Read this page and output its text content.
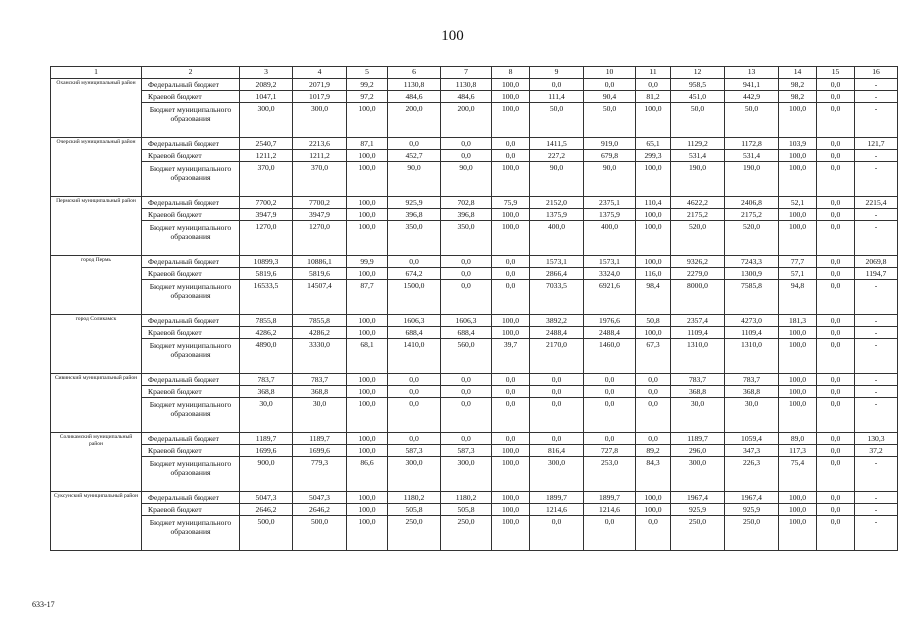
100
1	2	3	4	5	6	7	8	9	10	11	12	13	14	15	16
Оханский муниципальный район	Федеральный бюджет	2089,2	2071,9	99,2	1130,8	1130,8	100,0	0,0	0,0	0,0	958,5	941,1	98,2	0,0	-
	Краевой бюджет	1047,1	1017,9	97,2	484,6	484,6	100,0	111,4	90,4	81,2	451,0	442,9	98,2	0,0	-
	Бюджет муниципального образования	300,0	300,0	100,0	200,0	200,0	100,0	50,0	50,0	100,0	50,0	50,0	100,0	0,0	-
Очерский муниципальный район	Федеральный бюджет	2540,7	2213,6	87,1	0,0	0,0	0,0	1411,5	919,0	65,1	1129,2	1172,8	103,9	0,0	121,7
	Краевой бюджет	1211,2	1211,2	100,0	452,7	0,0	0,0	227,2	679,8	299,3	531,4	531,4	100,0	0,0	-
	Бюджет муниципального образования	370,0	370,0	100,0	90,0	90,0	100,0	90,0	90,0	100,0	190,0	190,0	100,0	0,0	-
Пермский муниципальный район	Федеральный бюджет	7700,2	7700,2	100,0	925,9	702,8	75,9	2152,0	2375,1	110,4	4622,2	2406,8	52,1	0,0	2215,4
	Краевой бюджет	3947,9	3947,9	100,0	396,8	396,8	100,0	1375,9	1375,9	100,0	2175,2	2175,2	100,0	0,0	-
	Бюджет муниципального образования	1270,0	1270,0	100,0	350,0	350,0	100,0	400,0	400,0	100,0	520,0	520,0	100,0	0,0	-
город Пермь	Федеральный бюджет	10899,3	10886,1	99,9	0,0	0,0	0,0	1573,1	1573,1	100,0	9326,2	7243,3	77,7	0,0	2069,8
	Краевой бюджет	5819,6	5819,6	100,0	674,2	0,0	0,0	2866,4	3324,0	116,0	2279,0	1300,9	57,1	0,0	1194,7
	Бюджет муниципального образования	16533,5	14507,4	87,7	1500,0	0,0	0,0	7033,5	6921,6	98,4	8000,0	7585,8	94,8	0,0	-
город Соликамск	Федеральный бюджет	7855,8	7855,8	100,0	1606,3	1606,3	100,0	3892,2	1976,6	50,8	2357,4	4273,0	181,3	0,0	-
	Краевой бюджет	4286,2	4286,2	100,0	688,4	688,4	100,0	2488,4	2488,4	100,0	1109,4	1109,4	100,0	0,0	-
	Бюджет муниципального образования	4890,0	3330,0	68,1	1410,0	560,0	39,7	2170,0	1460,0	67,3	1310,0	1310,0	100,0	0,0	-
Сивинский муниципальный район	Федеральный бюджет	783,7	783,7	100,0	0,0	0,0	0,0	0,0	0,0	0,0	783,7	783,7	100,0	0,0	-
	Краевой бюджет	368,8	368,8	100,0	0,0	0,0	0,0	0,0	0,0	0,0	368,8	368,8	100,0	0,0	-
	Бюджет муниципального образования	30,0	30,0	100,0	0,0	0,0	0,0	0,0	0,0	0,0	30,0	30,0	100,0	0,0	-
Соликамский муниципальный район	Федеральный бюджет	1189,7	1189,7	100,0	0,0	0,0	0,0	0,0	0,0	0,0	1189,7	1059,4	89,0	0,0	130,3
	Краевой бюджет	1699,6	1699,6	100,0	587,3	587,3	100,0	816,4	727,8	89,2	296,0	347,3	117,3	0,0	37,2
	Бюджет муниципального образования	900,0	779,3	86,6	300,0	300,0	100,0	300,0	253,0	84,3	300,0	226,3	75,4	0,0	-
Суксунский муниципальный район	Федеральный бюджет	5047,3	5047,3	100,0	1180,2	1180,2	100,0	1899,7	1899,7	100,0	1967,4	1967,4	100,0	0,0	-
	Краевой бюджет	2646,2	2646,2	100,0	505,8	505,8	100,0	1214,6	1214,6	100,0	925,9	925,9	100,0	0,0	-
	Бюджет муниципального образования	500,0	500,0	100,0	250,0	250,0	100,0	0,0	0,0	0,0	250,0	250,0	100,0	0,0	-
633-17
